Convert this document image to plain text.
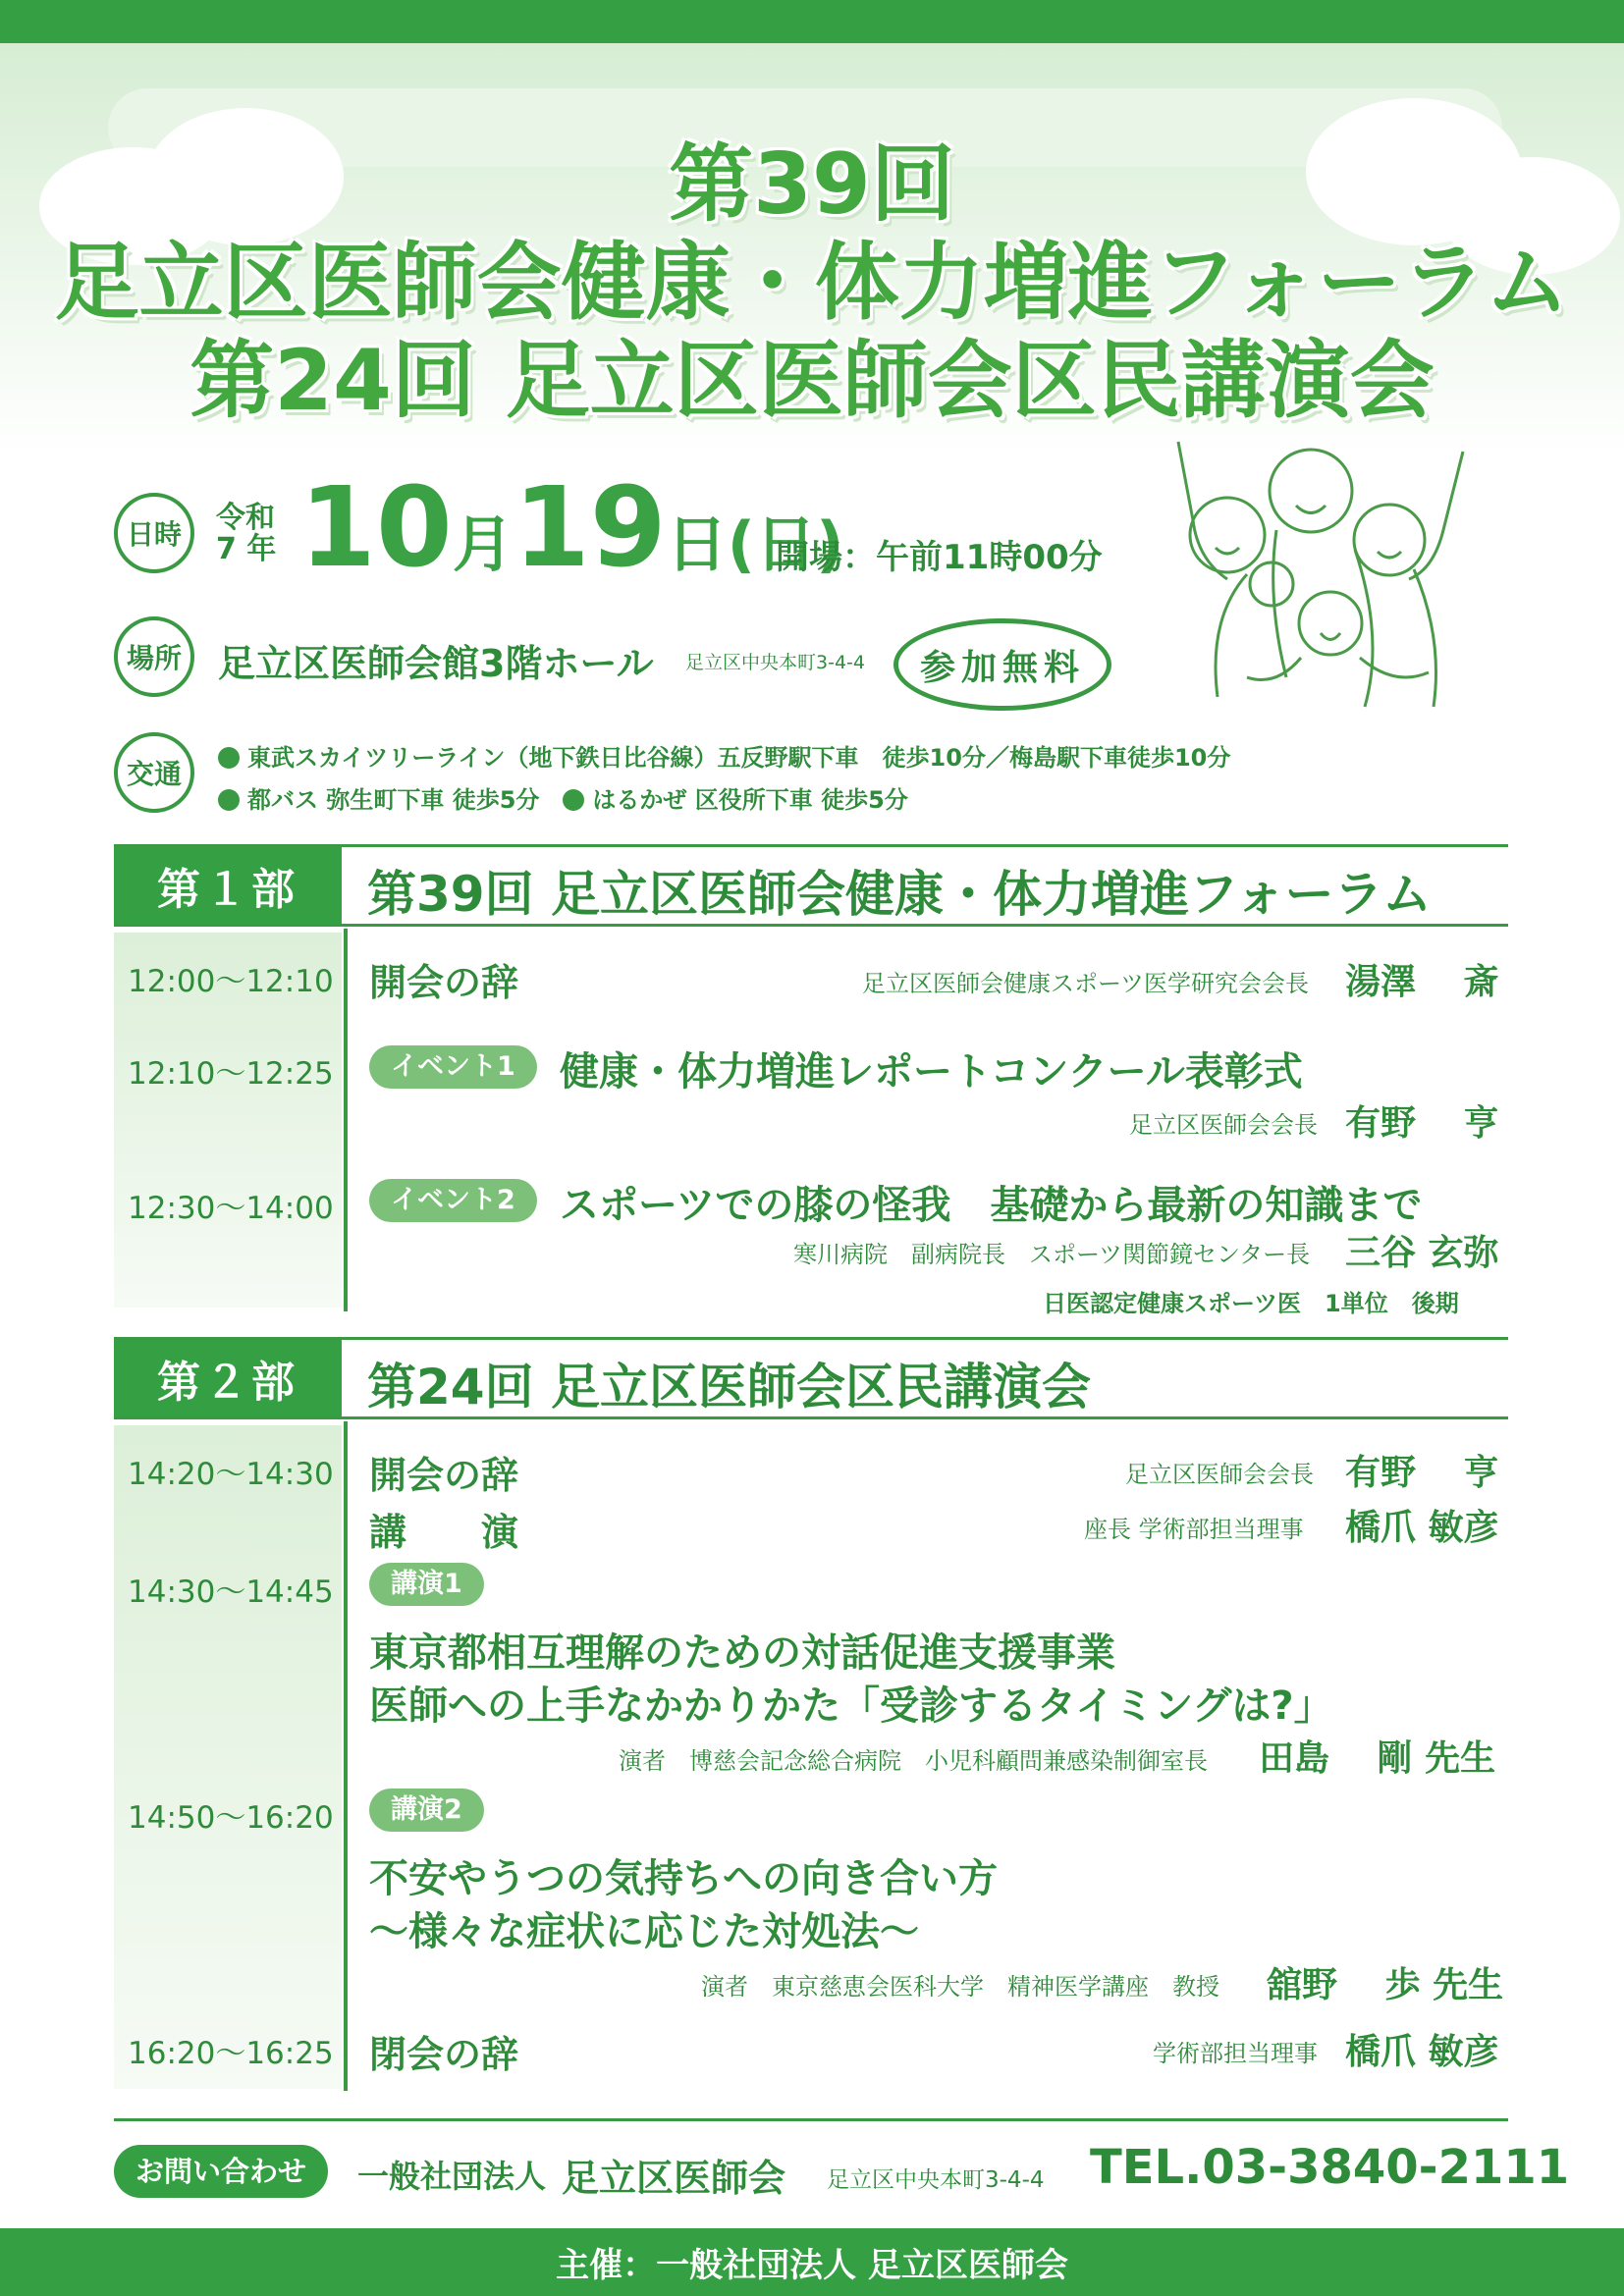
第39回
足立区医師会健康・体力増進フォーラム
第24回 足立区医師会区民講演会
日時	令和
7 年 10月19日(日)
開場：午前11時00分
場所 足立区医師会館3階ホール 足立区中央本町3-4-4	参加無料
交通	東武スカイツリーライン（地下鉄日比谷線）五反野駅下車　徒歩10分／梅島駅下車徒歩10分
都バス 弥生町下車 徒歩5分　 はるかぜ 区役所下車 徒歩5分
第１部	第39回 足立区医師会健康・体力増進フォーラム
12:00～12:10 開会の辞	足立区医師会健康スポーツ医学研究会会長 湯澤　 斎
12:10～12:25	イベント1	健康・体力増進レポートコンクール表彰式
足立区医師会会長 有野　 亨
12:30～14:00	イベント2	スポーツでの膝の怪我　基礎から最新の知識まで
寒川病院　副病院長　スポーツ関節鏡センター長 三谷 玄弥
日医認定健康スポーツ医　1単位　後期
第２部	第24回 足立区医師会区民講演会
14:20～14:30 開会の辞	足立区医師会会長 有野　 亨
講　　演	座長 学術部担当理事 橋爪 敏彦
14:30～14:45	講演1
東京都相互理解のための対話促進支援事業
医師への上手なかかりかた「受診するタイミングは?」
演者　博慈会記念総合病院　小児科顧問兼感染制御室長 田島　 剛 先生
14:50～16:20	講演2
不安やうつの気持ちへの向き合い方
～様々な症状に応じた対処法～
演者　東京慈恵会医科大学　精神医学講座　教授 舘野　 歩 先生
16:20～16:25 閉会の辞	学術部担当理事 橋爪 敏彦
お問い合わせ	一般社団法人 足立区医師会 足立区中央本町3-4-4 TEL.03-3840-2111
主催：一般社団法人 足立区医師会
